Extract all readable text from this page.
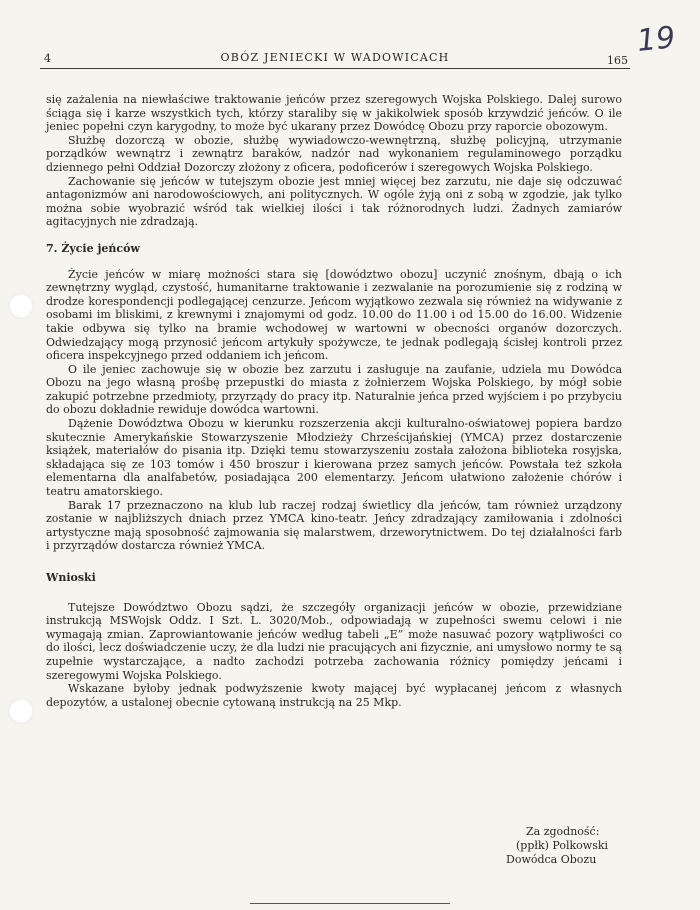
4	OBÓZ JENIECKI W WADOWICACH	165
19

się zażalenia na niewłaściwe traktowanie jeńców przez szeregowych Wojska Polskiego. Dalej surowo ściąga się i karze wszystkich tych, którzy staraliby się w jakikolwiek sposób krzywdzić jeńców. O ile jeniec popełni czyn karygodny, to może być ukarany przez Dowódcę Obozu przy raporcie obozowym.

Służbę dozorczą w obozie, służbę wywiadowczo-wewnętrzną, służbę policyjną, utrzymanie porządków wewnątrz i zewnątrz baraków, nadzór nad wykonaniem regulaminowego porządku dziennego pełni Oddział Dozorczy złożony z oficera, podoficerów i szeregowych Wojska Polskiego.

Zachowanie się jeńców w tutejszym obozie jest mniej więcej bez zarzutu, nie daje się odczuwać antagonizmów ani narodowościowych, ani politycznych. W ogóle żyją oni z sobą w zgodzie, jak tylko można sobie wyobrazić wśród tak wielkiej ilości i tak różnorodnych ludzi. Żadnych zamiarów agitacyjnych nie zdradzają.

7. Życie jeńców

Życie jeńców w miarę możności stara się [dowództwo obozu] uczynić znośnym, dbają o ich zewnętrzny wygląd, czystość, humanitarne traktowanie i zezwalanie na porozumienie się z rodziną w drodze korespondencji podlegającej cenzurze. Jeńcom wyjątkowo zezwala się również na widywanie z osobami im bliskimi, z krewnymi i znajomymi od godz. 10.00 do 11.00 i od 15.00 do 16.00. Widzenie takie odbywa się tylko na bramie wchodowej w wartowni w obecności organów dozorczych. Odwiedzający mogą przynosić jeńcom artykuły spożywcze, te jednak podlegają ścisłej kontroli przez oficera inspekcyjnego przed oddaniem ich jeńcom.

O ile jeniec zachowuje się w obozie bez zarzutu i zasługuje na zaufanie, udziela mu Dowódca Obozu na jego własną prośbę przepustki do miasta z żołnierzem Wojska Polskiego, by mógł sobie zakupić potrzebne przedmioty, przyrządy do pracy itp. Naturalnie jeńca przed wyjściem i po przybyciu do obozu dokładnie rewiduje dowódca wartowni.

Dążenie Dowództwa Obozu w kierunku rozszerzenia akcji kulturalno-oświatowej popiera bardzo skutecznie Amerykańskie Stowarzyszenie Młodzieży Chrześcijańskiej (YMCA) przez dostarczenie książek, materiałów do pisania itp. Dzięki temu stowarzyszeniu została założona biblioteka rosyjska, składająca się ze 103 tomów i 450 broszur i kierowana przez samych jeńców. Powstała też szkoła elementarna dla analfabetów, posiadająca 200 elementarzy. Jeńcom ułatwiono założenie chórów i teatru amatorskiego.

Barak 17 przeznaczono na klub lub raczej rodzaj świetlicy dla jeńców, tam również urządzony zostanie w najbliższych dniach przez YMCA kino-teatr. Jeńcy zdradzający zamiłowania i zdolności artystyczne mają sposobność zajmowania się malarstwem, drzeworytnictwem. Do tej działalności farb i przyrządów dostarcza również YMCA.

Wnioski

Tutejsze Dowództwo Obozu sądzi, że szczegóły organizacji jeńców w obozie, przewidziane instrukcją MSWojsk Oddz. I Szt. L. 3020/Mob., odpowiadają w zupełności swemu celowi i nie wymagają zmian. Zaprowiantowanie jeńców według tabeli „E” może nasuwać pozory wątpliwości co do ilości, lecz doświadczenie uczy, że dla ludzi nie pracujących ani fizycznie, ani umysłowo normy te są zupełnie wystarczające, a nadto zachodzi potrzeba zachowania różnicy pomiędzy jeńcami i szeregowymi Wojska Polskiego.

Wskazane byłoby jednak podwyższenie kwoty mającej być wypłacanej jeńcom z własnych depozytów, a ustalonej obecnie cytowaną instrukcją na 25 Mkp.

Za zgodność:
(ppłk) Polkowski
Dowódca Obozu
